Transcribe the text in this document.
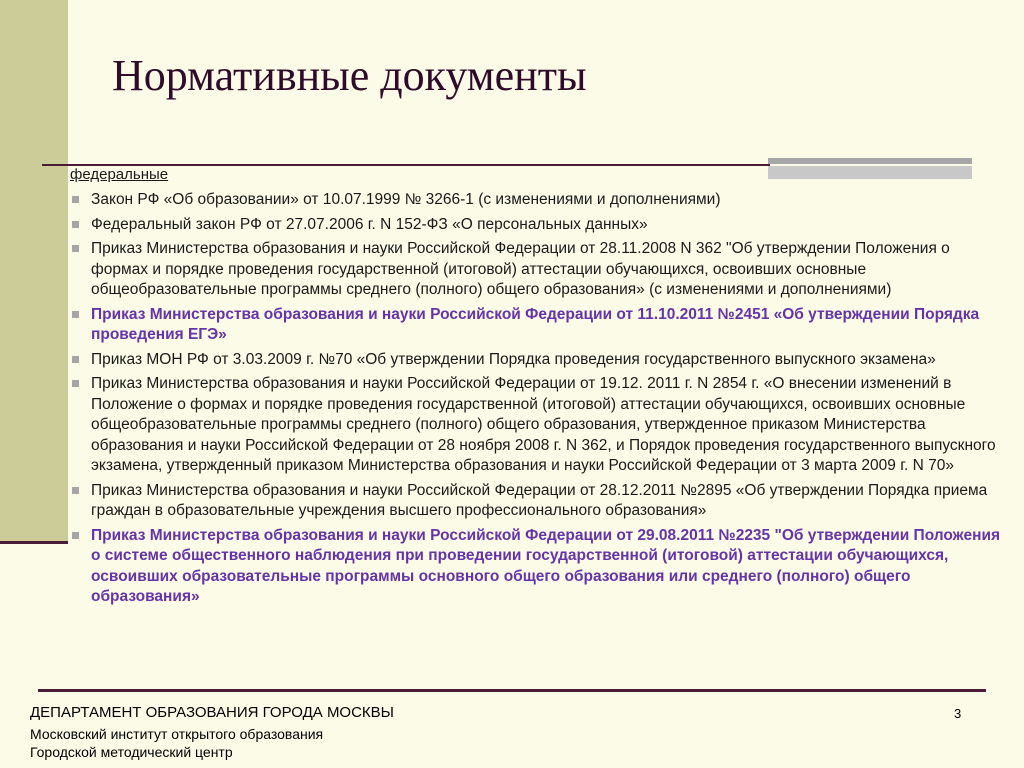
Нормативные документы
федеральные
Закон РФ «Об образовании» от 10.07.1999 № 3266-1 (с изменениями и дополнениями)
Федеральный закон РФ от 27.07.2006 г. N 152-ФЗ «О персональных данных»
Приказ Министерства образования и науки Российской Федерации от 28.11.2008 N 362 "Об утверждении Положения о формах и порядке проведения государственной (итоговой) аттестации обучающихся, освоивших основные общеобразовательные программы среднего (полного) общего образования» (с изменениями и дополнениями)
Приказ Министерства образования и науки Российской Федерации от 11.10.2011 №2451 «Об утверждении Порядка проведения ЕГЭ»
Приказ МОН РФ от 3.03.2009 г. №70 «Об утверждении Порядка проведения государственного выпускного экзамена»
Приказ Министерства образования и науки Российской Федерации от 19.12. 2011 г. N 2854 г. «О внесении изменений в Положение о формах и порядке проведения государственной (итоговой) аттестации обучающихся, освоивших основные общеобразовательные программы среднего (полного) общего образования, утвержденное приказом Министерства образования и науки Российской Федерации от 28 ноября 2008 г. N 362, и Порядок проведения государственного выпускного экзамена, утвержденный приказом Министерства образования и науки Российской Федерации от 3 марта 2009 г. N 70»
Приказ Министерства образования и науки Российской Федерации от 28.12.2011 №2895 «Об утверждении Порядка приема граждан в образовательные учреждения высшего профессионального образования»
Приказ Министерства образования и науки Российской Федерации от 29.08.2011 №2235 "Об утверждении Положения о системе общественного наблюдения при проведении государственной (итоговой) аттестации обучающихся, освоивших образовательные программы основного общего образования или среднего (полного) общего образования»
ДЕПАРТАМЕНТ ОБРАЗОВАНИЯ ГОРОДА МОСКВЫ
Московский институт открытого образования
Городской методический центр
3
